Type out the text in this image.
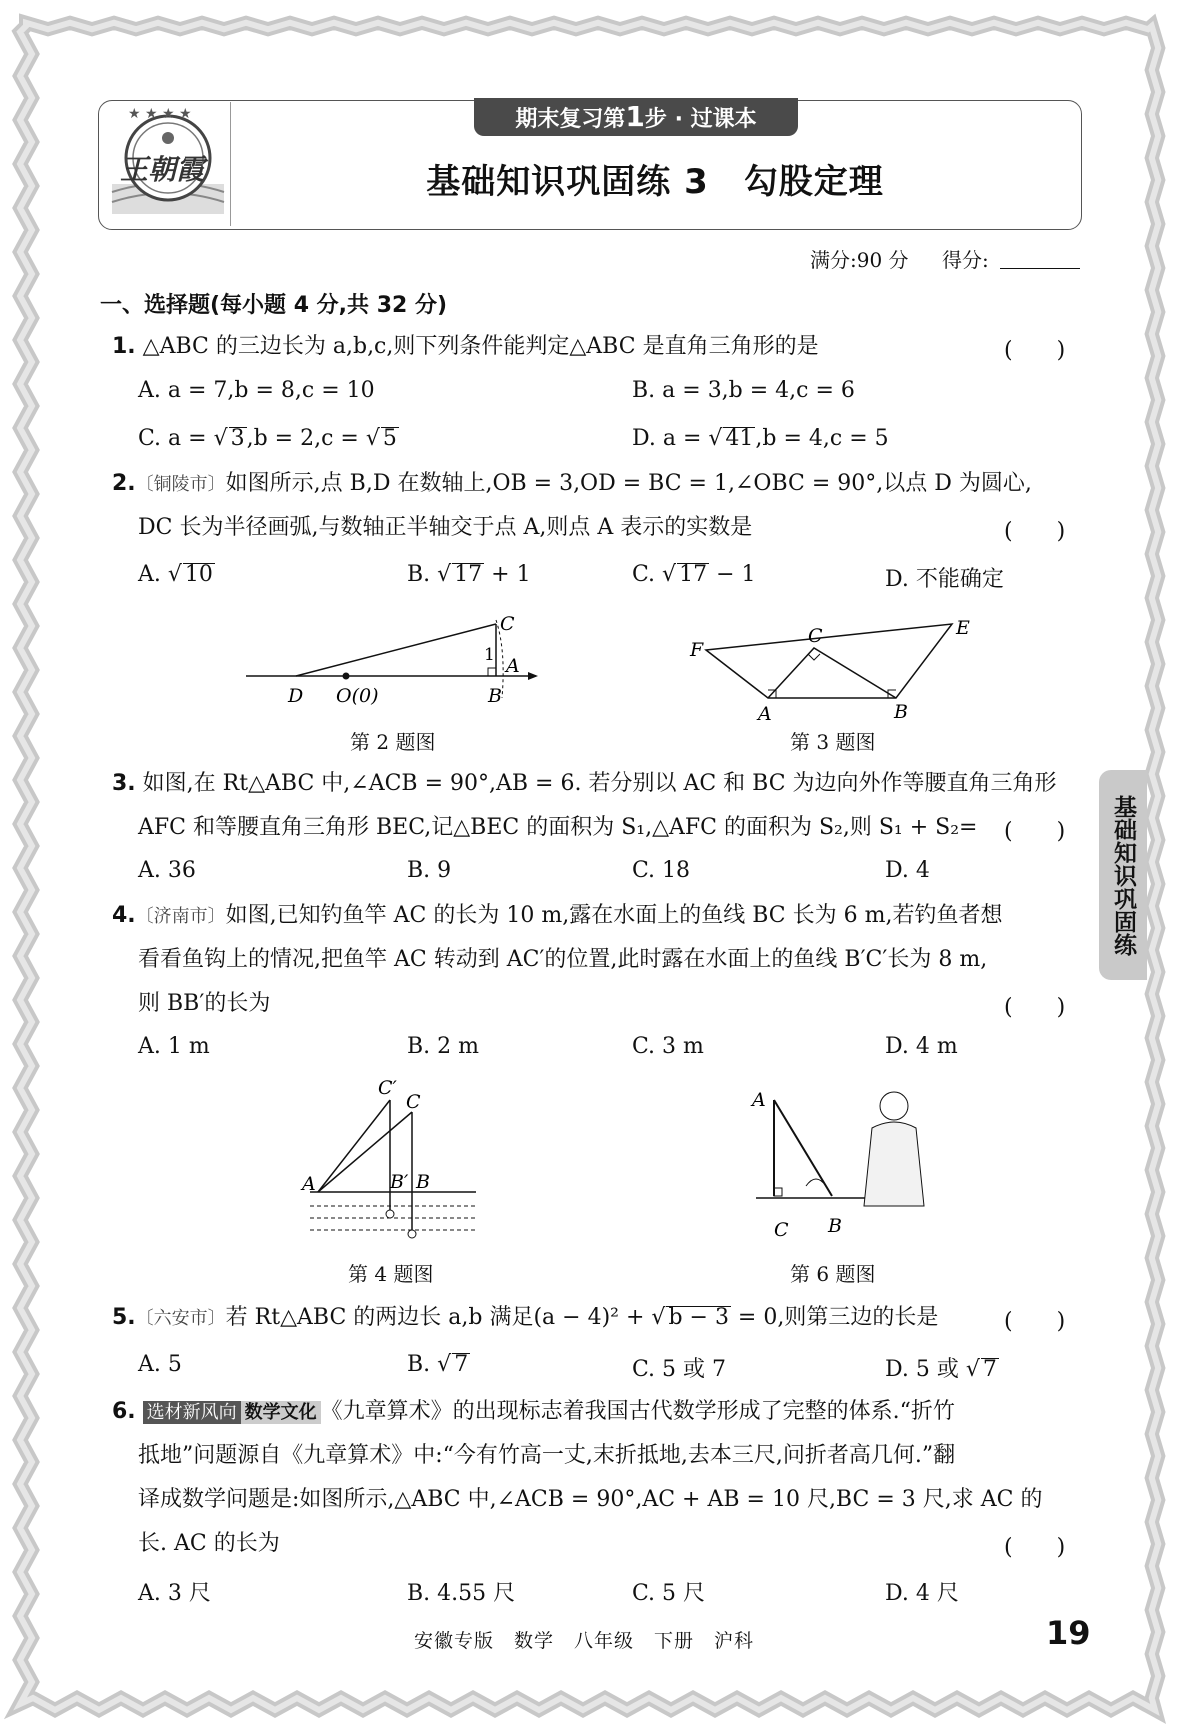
★ ★ ★ ★
王朝霞
期末复习第1步 · 过课本
基础知识巩固练 3　勾股定理
满分:90 分 得分:
基础知识巩固练
一、选择题(每小题 4 分,共 32 分)
1. △ABC 的三边长为 a,b,c,则下列条件能判定△ABC 是直角三角形的是	(　　)
A. a = 7,b = 8,c = 10	B. a = 3,b = 4,c = 6
C. a = √ 3,b = 2,c = √ 5	D. a = √ 41,b = 4,c = 5
2.〔铜陵市〕如图所示,点 B,D 在数轴上,OB = 3,OD = BC = 1,∠OBC = 90°,以点 D 为圆心,
DC 长为半径画弧,与数轴正半轴交于点 A,则点 A 表示的实数是	(　　)
A. √ 10	B. √ 17 + 1	C. √ 17 − 1	D. 不能确定
D O(0)	B
C
A
1
第 2 题图
F
C	E
A	B
第 3 题图
3. 如图,在 Rt△ABC 中,∠ACB = 90°,AB = 6. 若分别以 AC 和 BC 为边向外作等腰直角三角形
AFC 和等腰直角三角形 BEC,记△BEC 的面积为 S₁,△AFC 的面积为 S₂,则 S₁ + S₂= (　　)
A. 36	B. 9	C. 18	D. 4
4.〔济南市〕如图,已知钓鱼竿 AC 的长为 10 m,露在水面上的鱼线 BC 长为 6 m,若钓鱼者想
看看鱼钩上的情况,把鱼竿 AC 转动到 AC′的位置,此时露在水面上的鱼线 B′C′长为 8 m,
则 BB′的长为	(　　)
A. 1 m	B. 2 m	C. 3 m	D. 4 m
C′
C
A	B′ B
第 4 题图
A
C B
第 6 题图
5.〔六安市〕若 Rt△ABC 的两边长 a,b 满足(a − 4)² + √ b − 3 = 0,则第三边的长是	(　　)
A. 5	B. √ 7	C. 5 或 7	D. 5 或 √ 7
6. 选材新风向 数学文化 《九章算术》的出现标志着我国古代数学形成了完整的体系.“折竹
抵地”问题源自《九章算术》中:“今有竹高一丈,末折抵地,去本三尺,问折者高几何.”翻
译成数学问题是:如图所示,△ABC 中,∠ACB = 90°,AC + AB = 10 尺,BC = 3 尺,求 AC 的
长. AC 的长为	(　　)
A. 3 尺	B. 4.55 尺	C. 5 尺	D. 4 尺
安徽专版　数学　八年级　下册　沪科	19
